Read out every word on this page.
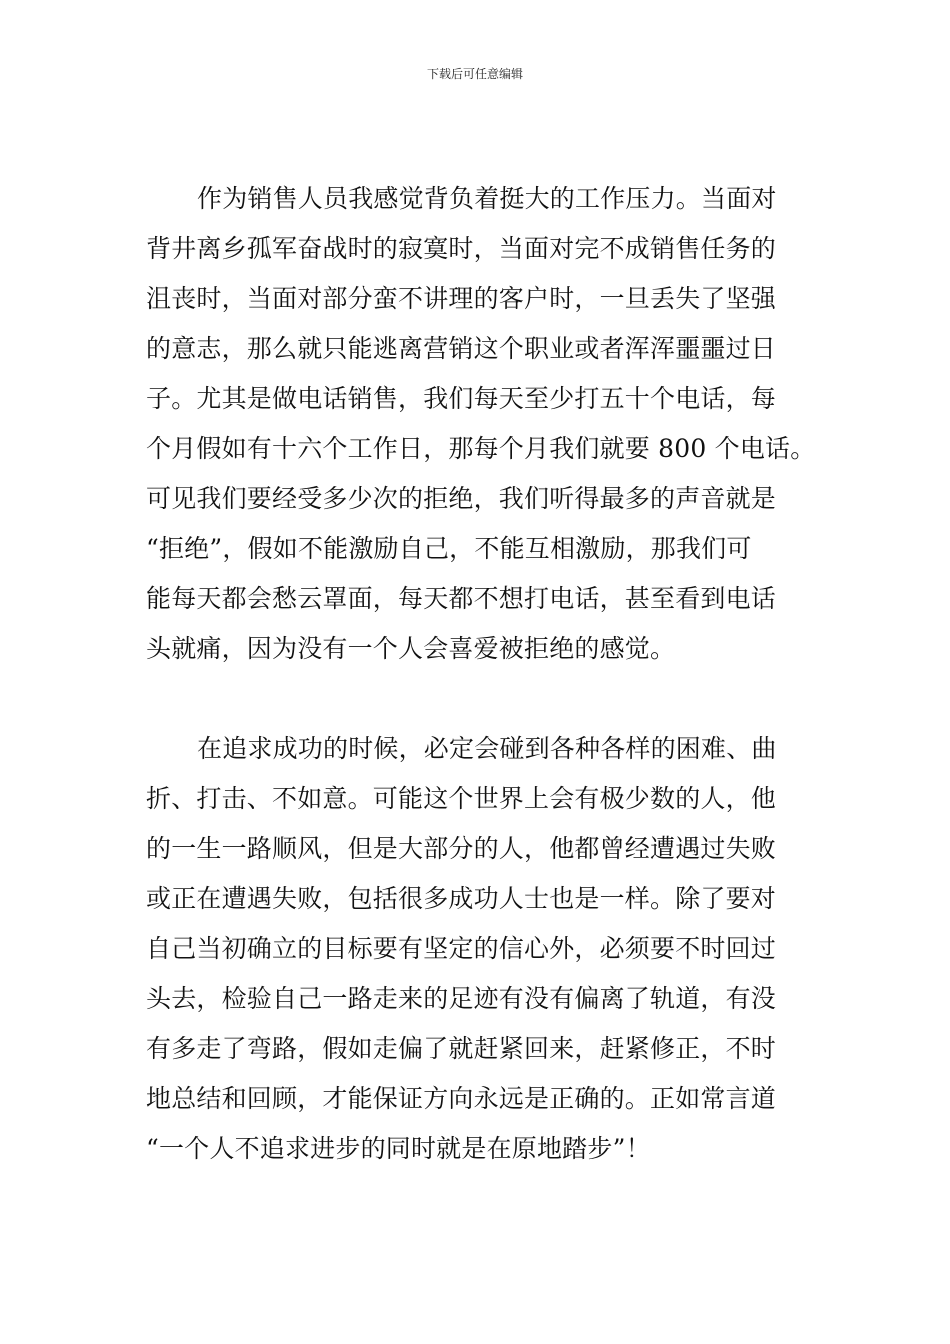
下载后可任意编辑
作为销售人员我感觉背负着挺大的工作压力。当面对
背井离乡孤军奋战时的寂寞时，当面对完不成销售任务的
沮丧时，当面对部分蛮不讲理的客户时，一旦丢失了坚强
的意志，那么就只能逃离营销这个职业或者浑浑噩噩过日
子。尤其是做电话销售，我们每天至少打五十个电话，每
个月假如有十六个工作日，那每个月我们就要 800 个电话。
可见我们要经受多少次的拒绝，我们听得最多的声音就是
“拒绝”，假如不能激励自己，不能互相激励，那我们可
能每天都会愁云罩面，每天都不想打电话，甚至看到电话
头就痛，因为没有一个人会喜爱被拒绝的感觉。
在追求成功的时候，必定会碰到各种各样的困难、曲
折、打击、不如意。可能这个世界上会有极少数的人，他
的一生一路顺风，但是大部分的人，他都曾经遭遇过失败
或正在遭遇失败，包括很多成功人士也是一样。除了要对
自己当初确立的目标要有坚定的信心外，必须要不时回过
头去，检验自己一路走来的足迹有没有偏离了轨道，有没
有多走了弯路，假如走偏了就赶紧回来，赶紧修正，不时
地总结和回顾，才能保证方向永远是正确的。正如常言道
“一个人不追求进步的同时就是在原地踏步”！
